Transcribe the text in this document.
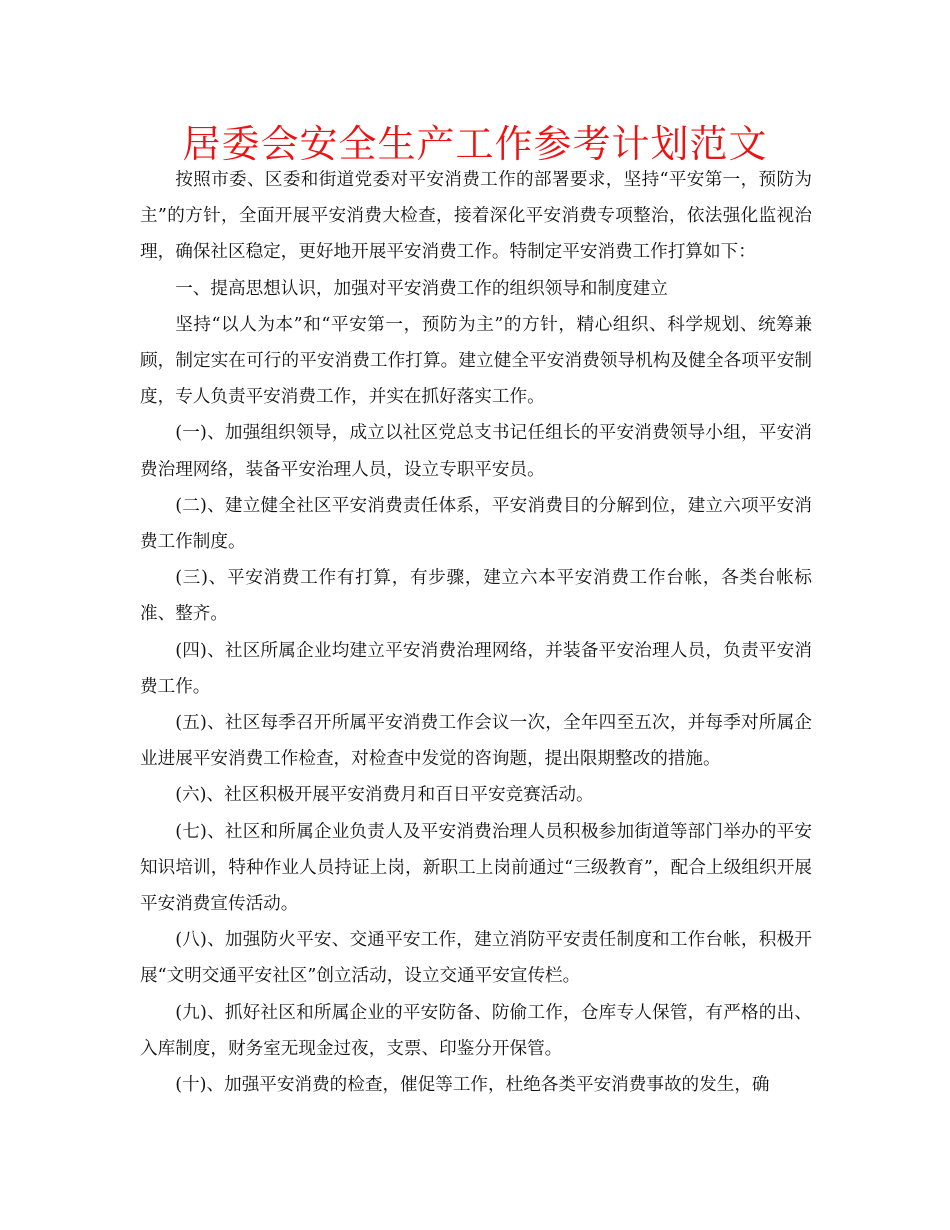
居委会安全生产工作参考计划范文

按照市委、区委和街道党委对平安消费工作的部署要求，坚持“平安第一，预防为主”的方针，全面开展平安消费大检查，接着深化平安消费专项整治，依法强化监视治理，确保社区稳定，更好地开展平安消费工作。特制定平安消费工作打算如下：

一、提高思想认识，加强对平安消费工作的组织领导和制度建立

坚持“以人为本”和“平安第一，预防为主”的方针，精心组织、科学规划、统筹兼顾，制定实在可行的平安消费工作打算。建立健全平安消费领导机构及健全各项平安制度，专人负责平安消费工作，并实在抓好落实工作。

(一)、加强组织领导，成立以社区党总支书记任组长的平安消费领导小组，平安消费治理网络，装备平安治理人员，设立专职平安员。

(二)、建立健全社区平安消费责任体系，平安消费目的分解到位，建立六项平安消费工作制度。

(三)、平安消费工作有打算，有步骤，建立六本平安消费工作台帐，各类台帐标准、整齐。

(四)、社区所属企业均建立平安消费治理网络，并装备平安治理人员，负责平安消费工作。

(五)、社区每季召开所属平安消费工作会议一次，全年四至五次，并每季对所属企业进展平安消费工作检查，对检查中发觉的咨询题，提出限期整改的措施。

(六)、社区积极开展平安消费月和百日平安竞赛活动。

(七)、社区和所属企业负责人及平安消费治理人员积极参加街道等部门举办的平安知识培训，特种作业人员持证上岗，新职工上岗前通过“三级教育”，配合上级组织开展平安消费宣传活动。

(八)、加强防火平安、交通平安工作，建立消防平安责任制度和工作台帐，积极开展“文明交通平安社区”创立活动，设立交通平安宣传栏。

(九)、抓好社区和所属企业的平安防备、防偷工作，仓库专人保管，有严格的出、入库制度，财务室无现金过夜，支票、印鉴分开保管。

(十)、加强平安消费的检查，催促等工作，杜绝各类平安消费事故的发生，确
